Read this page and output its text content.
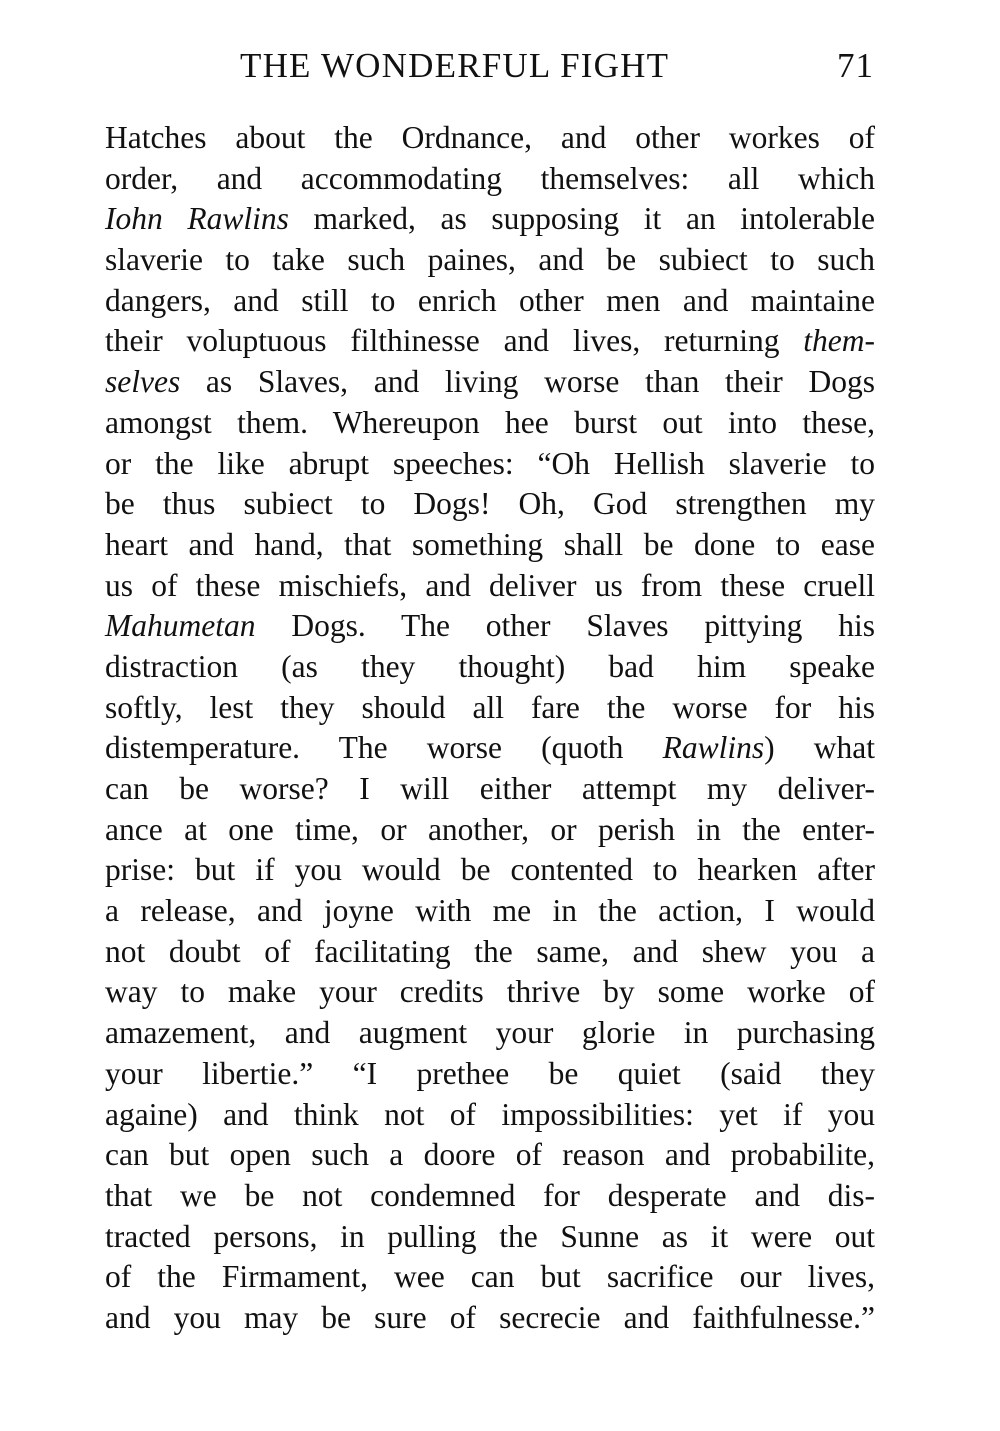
THE WONDERFUL FIGHT	71
Hatches about the Ordnance, and other workes of
order, and accommodating themselves: all which
Iohn Rawlins marked, as supposing it an intolerable
slaverie to take such paines, and be subiect to such
dangers, and still to enrich other men and maintaine
their voluptuous filthinesse and lives, returning them-
selves as Slaves, and living worse than their Dogs
amongst them. Whereupon hee burst out into these,
or the like abrupt speeches: “Oh Hellish slaverie to
be thus subiect to Dogs! Oh, God strengthen my
heart and hand, that something shall be done to ease
us of these mischiefs, and deliver us from these cruell
Mahumetan Dogs. The other Slaves pittying his
distraction (as they thought) bad him speake
softly, lest they should all fare the worse for his
distemperature. The worse (quoth Rawlins) what
can be worse? I will either attempt my deliver-
ance at one time, or another, or perish in the enter-
prise: but if you would be contented to hearken after
a release, and joyne with me in the action, I would
not doubt of facilitating the same, and shew you a
way to make your credits thrive by some worke of
amazement, and augment your glorie in purchasing
your libertie.” “I prethee be quiet (said they
againe) and think not of impossibilities: yet if you
can but open such a doore of reason and probabilite,
that we be not condemned for desperate and dis-
tracted persons, in pulling the Sunne as it were out
of the Firmament, wee can but sacrifice our lives,
and you may be sure of secrecie and faithfulnesse.”
